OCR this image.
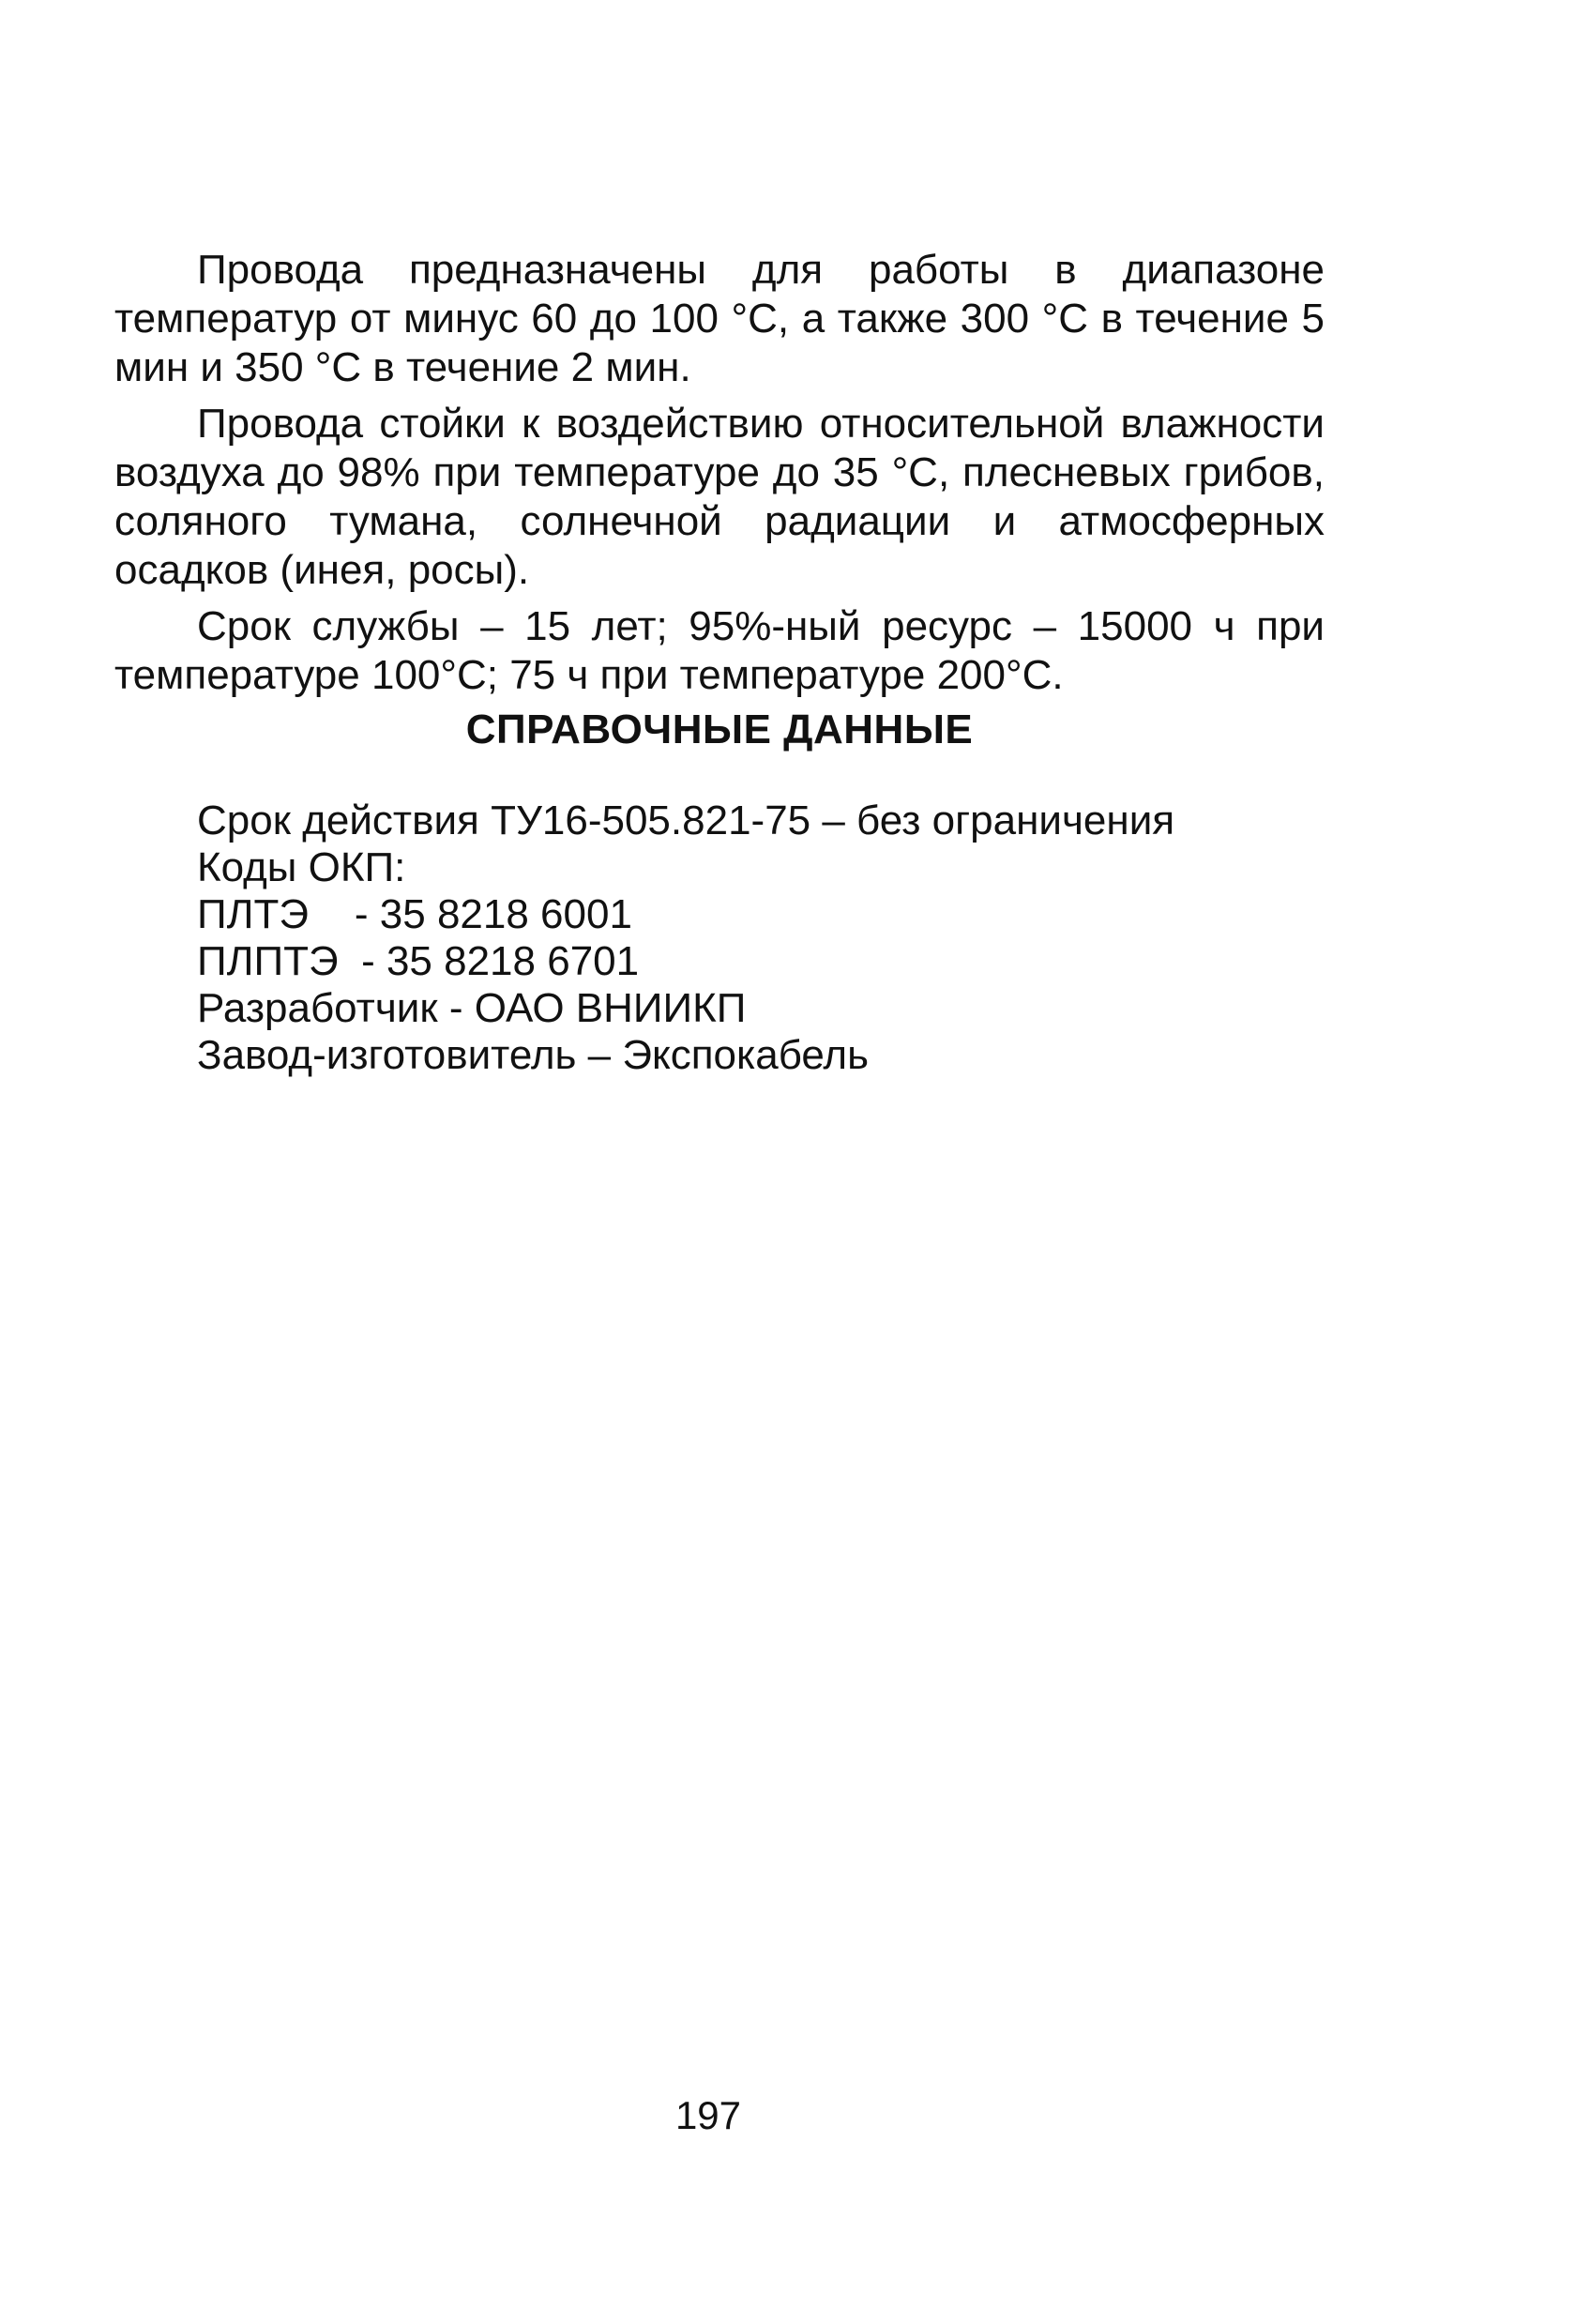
Провода предназначены для работы в диапазоне температур от минус 60 до 100 °С, а также 300 °С в течение 5 мин и 350 °С в течение 2 мин.

Провода стойки к воздействию относительной влажности воздуха до 98% при температуре до 35 °С, плесневых грибов, соляного тумана, солнечной радиации и атмосферных осадков (инея, росы).

Срок службы – 15 лет; 95%-ный ресурс – 15000 ч при температуре 100°С; 75 ч при температуре 200°С.

СПРАВОЧНЫЕ ДАННЫЕ
Срок действия ТУ16-505.821-75 – без ограничения
Коды ОКП:
ПЛТЭ    - 35 8218 6001
ПЛПТЭ  - 35 8218 6701
Разработчик - ОАО ВНИИКП
Завод-изготовитель – Экспокабель
197
